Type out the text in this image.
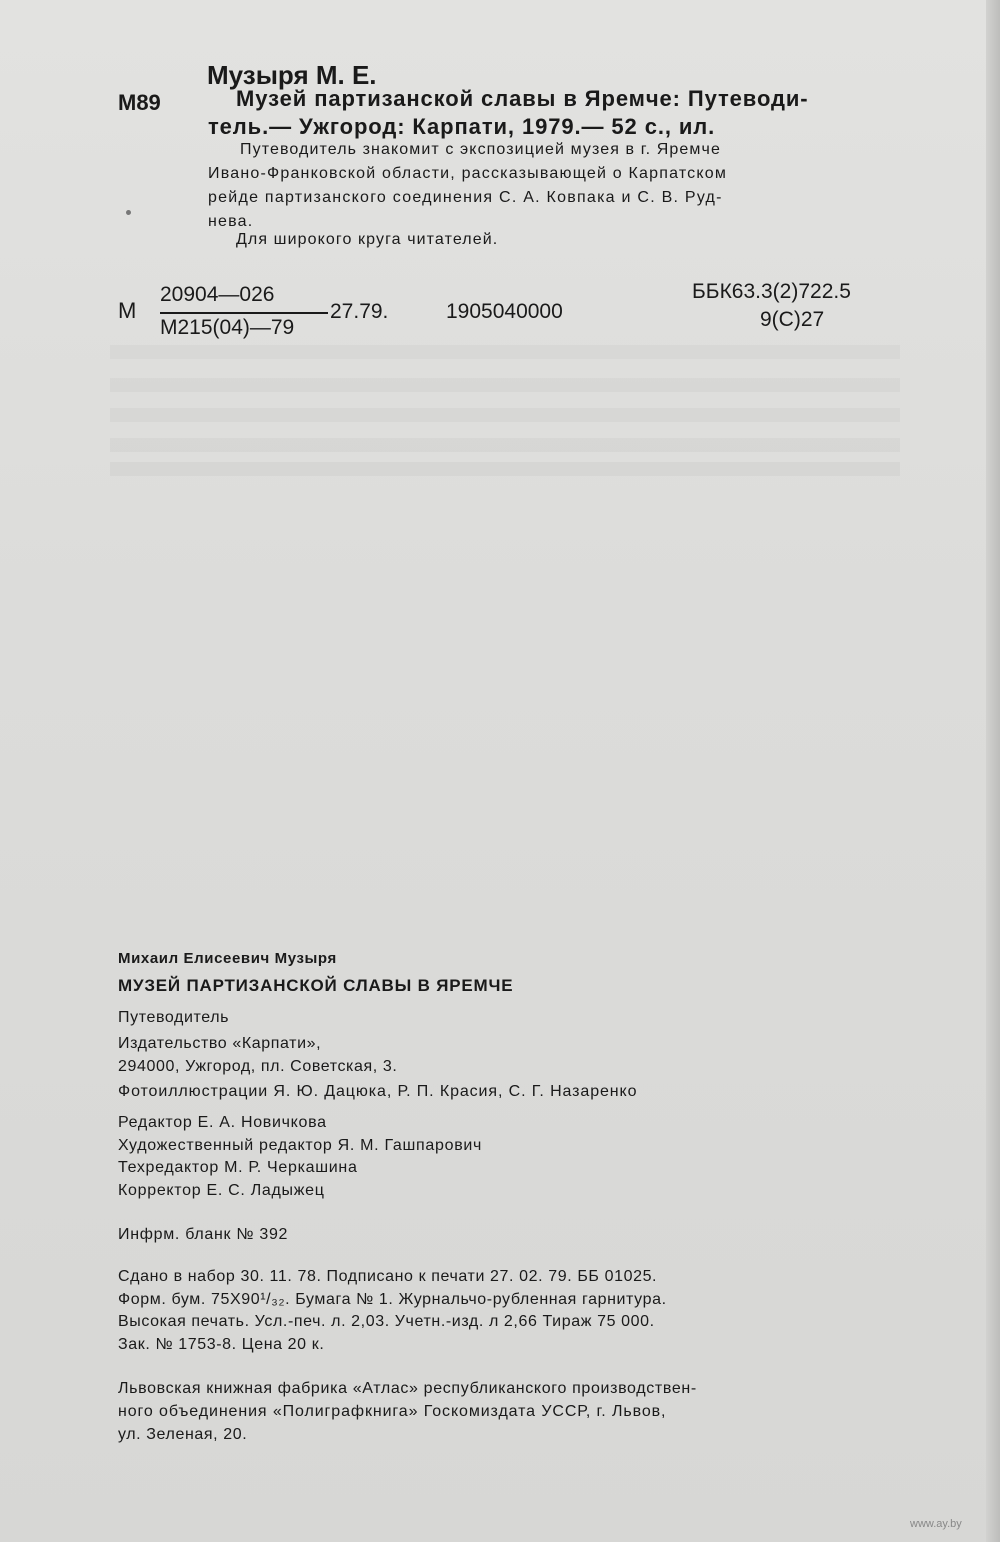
Музыря М. Е.
М89	Музей партизанской славы в Яремче: Путеводи-
тель.— Ужгород: Карпати, 1979.— 52 с., ил.
Путеводитель знакомит с экспозицией музея в г. Яремче
Ивано-Франковской области, рассказывающей о Карпатском
рейде партизанского соединения С. А. Ковпака и С. В. Руд-
нева.
Для широкого круга читателей.
М
20904—026
М215(04)—79
27.79.	1905040000
ББК63.3(2)722.5
9(С)27
Михаил Елисеевич Музыря
МУЗЕЙ ПАРТИЗАНСКОЙ СЛАВЫ В ЯРЕМЧЕ
Путеводитель
Издательство «Карпати»,
294000, Ужгород, пл. Советская, 3.
Фотоиллюстрации Я. Ю. Дацюка, Р. П. Красия, С. Г. Назаренко
Редактор Е. А. Новичкова
Художественный редактор Я. М. Гашпарович
Техредактор М. Р. Черкашина
Корректор Е. С. Ладыжец
Инфрм. бланк № 392
Сдано в набор 30. 11. 78. Подписано к печати 27. 02. 79. ББ 01025.
Форм. бум. 75Х90¹/₃₂. Бумага № 1. Журнальчо-рубленная гарнитура.
Высокая печать. Усл.-печ. л. 2,03. Учетн.-изд. л 2,66 Тираж 75 000.
Зак. № 1753-8. Цена 20 к.
Львовская книжная фабрика «Атлас» республиканского производствен-
ного объединения «Полиграфкнига» Госкомиздата УССР, г. Львов,
ул. Зеленая, 20.
www.ay.by
